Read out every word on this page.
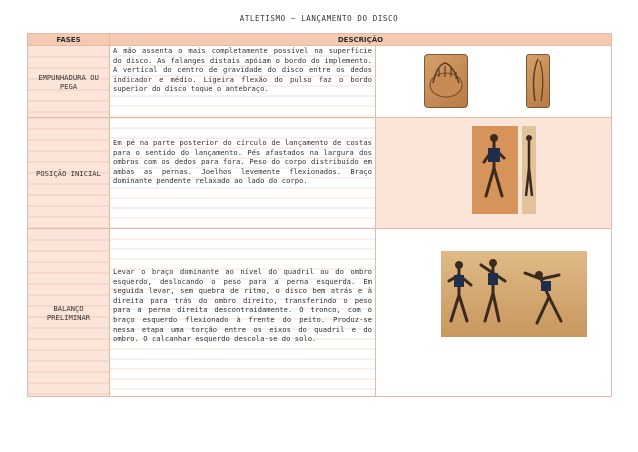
ATLETISMO – LANÇAMENTO DO DISCO
FASES	DESCRIÇÃO	
EMPUNHADURA OU PEGA	A mão assenta o mais completamente possível na superfície do disco. As falanges distais apóiam o bordo do implemento. A vertical do centro de gravidade do disco entre os dedos indicador e médio. Ligeira flexão do pulso faz o bordo superior do disco toque o antebraço.	

POSIÇÃO INICIAL	Em pé na parte posterior do círculo de lançamento de costas para o sentido do lançamento. Pés afastados na largura dos ombros com os dedos para fora. Peso do corpo distribuído em ambas as pernas. Joelhos levemente flexionados. Braço dominante pendente relaxado ao lado do corpo.	

BALANÇO PRELIMINAR	Levar o braço dominante ao nível do quadril ou do ombro esquerdo, deslocando o peso para a perna esquerda. Em seguida levar, sem quebra de ritmo, o disco bem atrás e à direita para trás do ombro direito, transferindo o peso para a perna direita descontraidamente. O tronco, com o braço esquerdo flexionado à frente do peito. Produz-se nessa etapa uma torção entre os eixos do quadril e do ombro. O calcanhar esquerdo descola-se do solo.	
